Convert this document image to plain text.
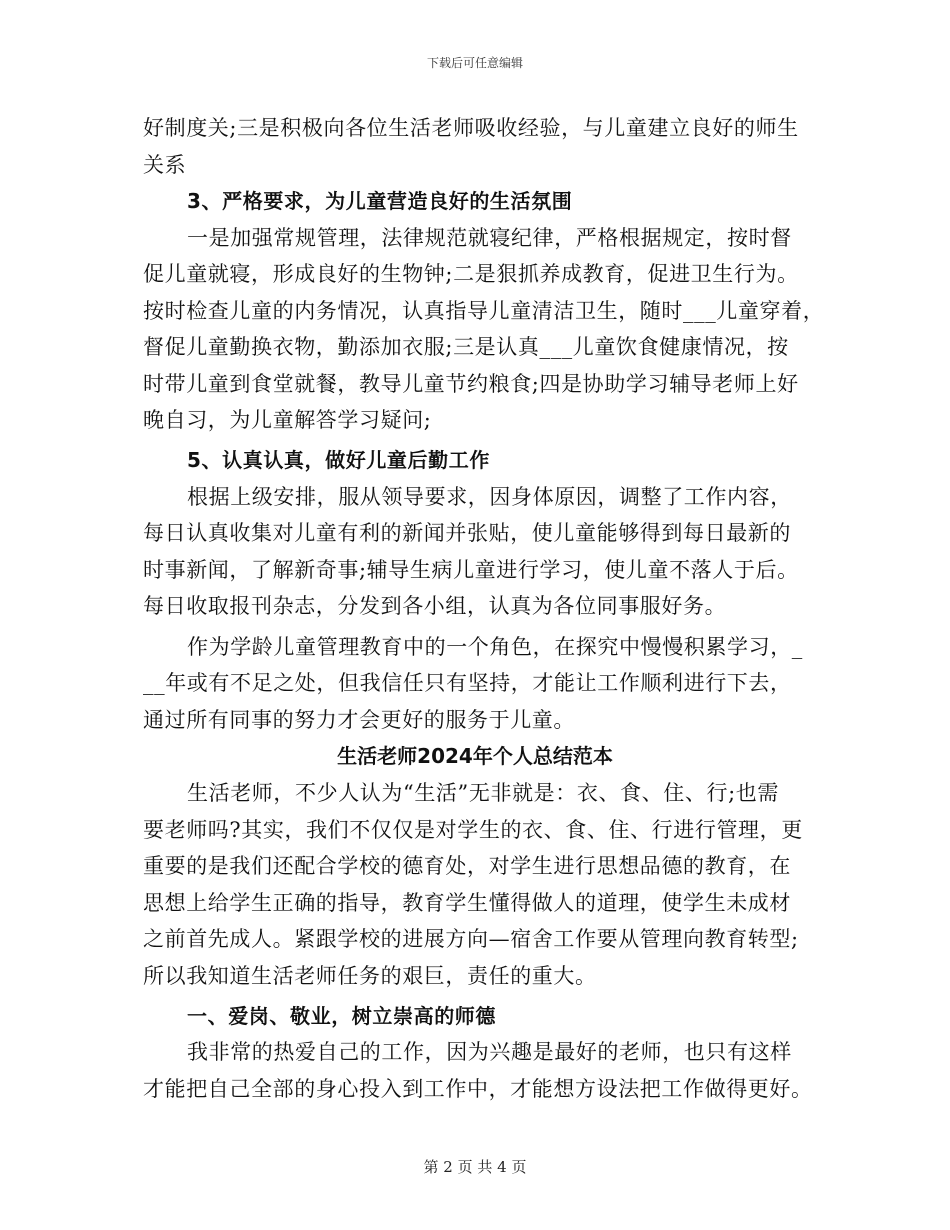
下载后可任意编辑
好制度关;三是积极向各位生活老师吸收经验，与儿童建立良好的师生
关系
3、严格要求，为儿童营造良好的生活氛围
一是加强常规管理，法律规范就寝纪律，严格根据规定，按时督
促儿童就寝，形成良好的生物钟;二是狠抓养成教育，促进卫生行为。
按时检查儿童的内务情况，认真指导儿童清洁卫生，随时___儿童穿着，
督促儿童勤换衣物，勤添加衣服;三是认真___儿童饮食健康情况，按
时带儿童到食堂就餐，教导儿童节约粮食;四是协助学习辅导老师上好
晚自习，为儿童解答学习疑问;
5、认真认真，做好儿童后勤工作
根据上级安排，服从领导要求，因身体原因，调整了工作内容，
每日认真收集对儿童有利的新闻并张贴，使儿童能够得到每日最新的
时事新闻，了解新奇事;辅导生病儿童进行学习，使儿童不落人于后。
每日收取报刊杂志，分发到各小组，认真为各位同事服好务。
作为学龄儿童管理教育中的一个角色，在探究中慢慢积累学习，_
__年或有不足之处，但我信任只有坚持，才能让工作顺利进行下去，
通过所有同事的努力才会更好的服务于儿童。
生活老师2024年个人总结范本
生活老师，不少人认为“生活”无非就是：衣、食、住、行;也需
要老师吗?其实，我们不仅仅是对学生的衣、食、住、行进行管理，更
重要的是我们还配合学校的德育处，对学生进行思想品德的教育，在
思想上给学生正确的指导，教育学生懂得做人的道理，使学生未成材
之前首先成人。紧跟学校的进展方向—宿舍工作要从管理向教育转型;
所以我知道生活老师任务的艰巨，责任的重大。
一、爱岗、敬业，树立崇高的师德
我非常的热爱自己的工作，因为兴趣是最好的老师，也只有这样
才能把自己全部的身心投入到工作中，才能想方设法把工作做得更好。
第 2 页 共 4 页
